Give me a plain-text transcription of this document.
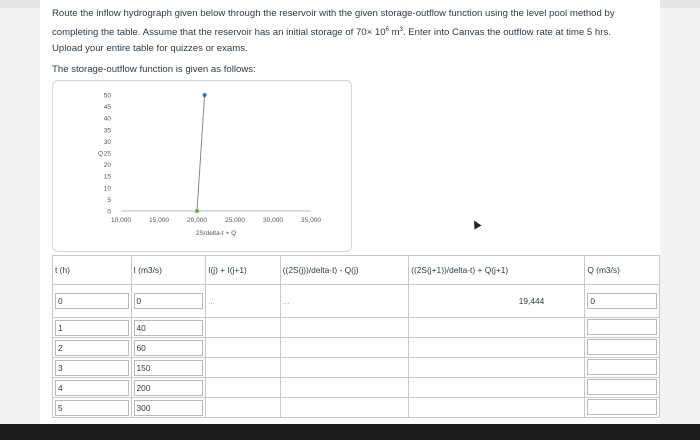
Route the inflow hydrograph given below through the reservoir with the given storage-outflow function using the level pool method by
completing the table. Assume that the reservoir has an initial storage of $70\times 10^6$ $m^3$. Enter into Canvas the outflow rate at time 5 hrs.
Upload your entire table for quizzes or exams.
The storage-outflow function is given as follows:
0
5
10
15
20
25
30
35
40
45
50
10,000	15,000	20,000	25,000	30,000	35,000
2S/delta-t + Q
Q
t (h)	I (m3/s)	I(j) + I(j+1)	((2S(j))/delta-t) - Q(j)	((2S(j+1))/delta-t) + Q(j+1)	Q (m3/s)
0	0	...	...	19,444	0
1	40				
2	60				
3	150				
4	200				
5	300				
